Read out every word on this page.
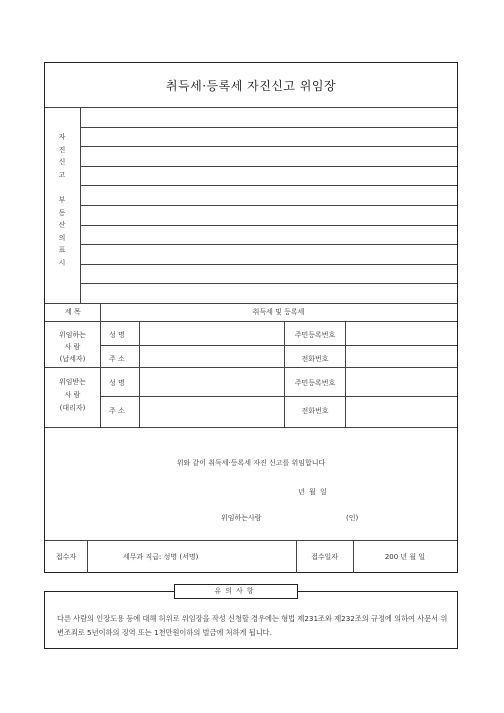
취득세·등록세 자진신고 위임장
자
진
신
고
부
동
산
의
표
시
세 목	취득세 및 등록세
위임하는
사 람
(납세자)
성 명	주민등록번호
주 소	전화번호
위임받는
사 람
(대리자)
성 명	주민등록번호
주 소	전화번호
위와 같이 취득세·등록세 자진 신고를 위임합니다
년 월 일
위임하는사람	(인)
접수자	세무과 직급: 성명 (서명)	접수일자	200 년 월 일
다른 사람의 인장도용 등에 대해 허위로 위임장을 작성 신청할 경우에는 형법 제231조와 제232조의 규정에 의하여 사문서 위변조죄로 5년이하의 징역 또는 1천만원이하의 벌금에 처하게 됩니다.
유의사항
